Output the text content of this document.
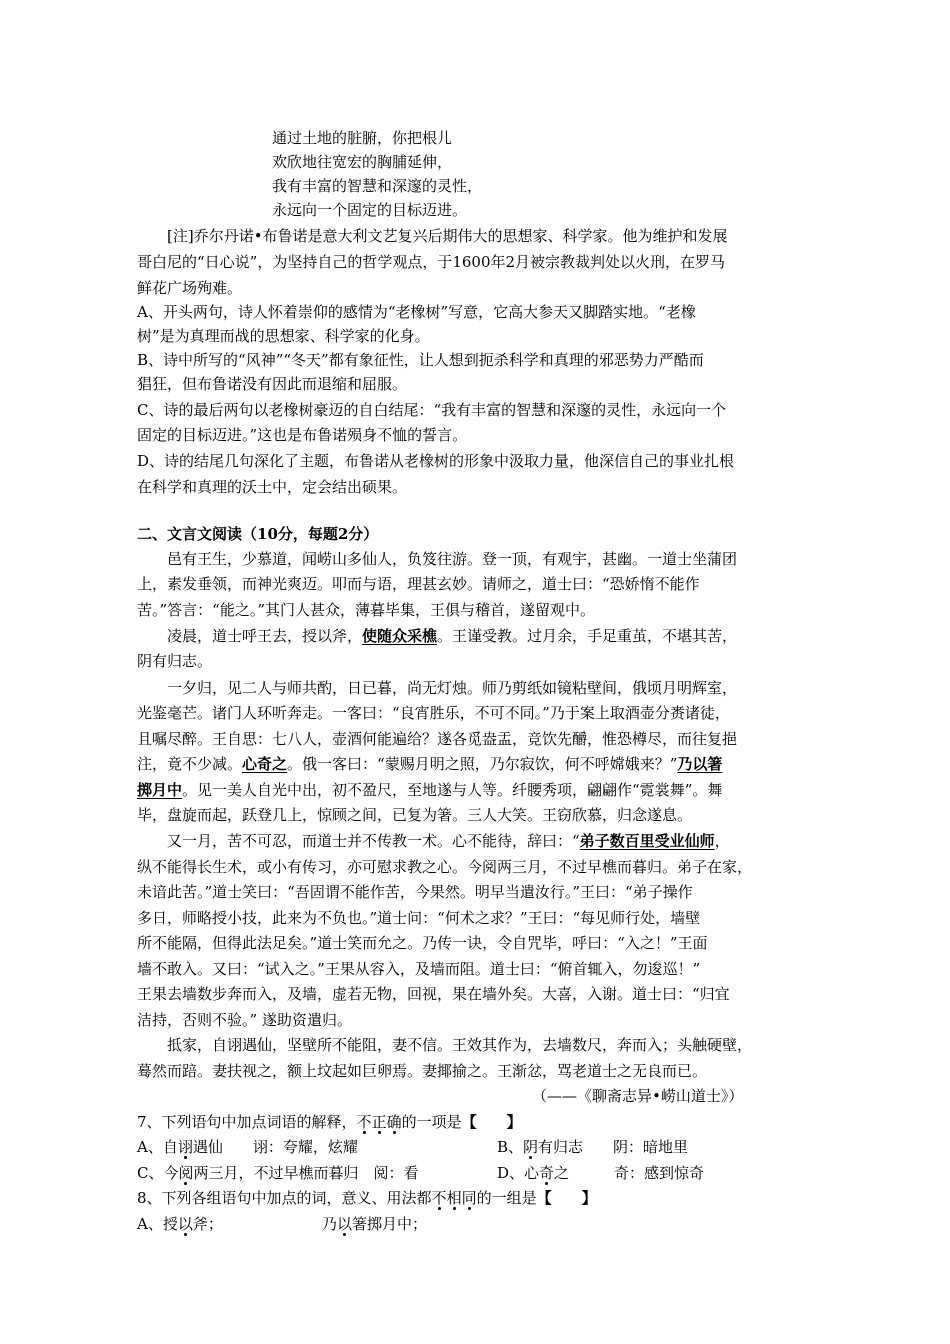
通过土地的脏腑，你把根儿
欢欣地往宽宏的胸脯延伸，
我有丰富的智慧和深邃的灵性，
永远向一个固定的目标迈进。
[注]乔尔丹诺•布鲁诺是意大利文艺复兴后期伟大的思想家、科学家。他为维护和发展
哥白尼的“日心说”，为坚持自己的哲学观点，于1600年2月被宗教裁判处以火刑，在罗马
鲜花广场殉难。
A、开头两句，诗人怀着崇仰的感情为“老橡树”写意，它高大参天又脚踏实地。“老橡
树”是为真理而战的思想家、科学家的化身。
B、诗中所写的“风神”“冬天”都有象征性，让人想到扼杀科学和真理的邪恶势力严酷而
猖狂，但布鲁诺没有因此而退缩和屈服。
C、诗的最后两句以老橡树豪迈的自白结尾：“我有丰富的智慧和深邃的灵性，永远向一个
固定的目标迈进。”这也是布鲁诺殒身不恤的誓言。
D、诗的结尾几句深化了主题，布鲁诺从老橡树的形象中汲取力量，他深信自己的事业扎根
在科学和真理的沃土中，定会结出硕果。
二、文言文阅读（10分，每题2分）
邑有王生，少慕道，闻崂山多仙人，负笈往游。登一顶，有观宇，甚幽。一道士坐蒲团
上，素发垂领，而神光爽迈。叩而与语，理甚玄妙。请师之，道士曰：“恐娇惰不能作
苦。”答言：“能之。”其门人甚众，薄暮毕集，王俱与稽首，遂留观中。
凌晨，道士呼王去，授以斧，使随众采樵。王谨受教。过月余，手足重茧，不堪其苦，
阴有归志。
一夕归，见二人与师共酌，日已暮，尚无灯烛。师乃剪纸如镜粘壁间，俄顷月明辉室，
光鉴毫芒。诸门人环听奔走。一客曰：“良宵胜乐，不可不同。”乃于案上取酒壶分赉诸徒，
且嘱尽醉。王自思：七八人，壶酒何能遍给？遂各觅盎盂，竞饮先釂，惟恐樽尽，而往复挹
注，竟不少减。心奇之。俄一客曰：“蒙赐月明之照，乃尔寂饮，何不呼嫦娥来？”乃以箸
掷月中。见一美人自光中出，初不盈尺，至地遂与人等。纤腰秀项，翩翩作“霓裳舞”。舞
毕，盘旋而起，跃登几上，惊顾之间，已复为箸。三人大笑。王窃欣慕，归念遂息。
又一月，苦不可忍，而道士并不传教一术。心不能待，辞曰：“弟子数百里受业仙师，
纵不能得长生术，或小有传习，亦可慰求教之心。今阅两三月，不过早樵而暮归。弟子在家，
未谙此苦。”道士笑曰：“吾固谓不能作苦，今果然。明早当遣汝行。”王曰：“弟子操作
多日，师略授小技，此来为不负也。”道士问：“何术之求？”王曰：“每见师行处，墙壁
所不能隔，但得此法足矣。”道士笑而允之。乃传一诀，令自咒毕，呼曰：“入之！”王面
墙不敢入。又曰：“试入之。”王果从容入，及墙而阻。道士曰：“俯首辄入，勿逡巡！”
王果去墙数步奔而入，及墙，虚若无物，回视，果在墙外矣。大喜，入谢。道士曰：“归宜
洁持，否则不验。” 遂助资遣归。
抵家，自诩遇仙，坚壁所不能阻，妻不信。王效其作为，去墙数尺，奔而入；头触硬壁，
蓦然而踣。妻扶视之，额上坟起如巨卵焉。妻揶揄之。王渐忿，骂老道士之无良而已。
（——《聊斋志异•崂山道士》）
7、下列语句中加点词语的解释，不正确的一项是【　　】
A、自诩遇仙　　诩：夸耀，炫耀	B、阴有归志　　阴：暗地里
C、今阅两三月，不过早樵而暮归　阅：看	D、心奇之　　　奇：感到惊奇
8、下列各组语句中加点的词，意义、用法都不相同的一组是【　　】
A、授以斧；	乃以箸掷月中；
